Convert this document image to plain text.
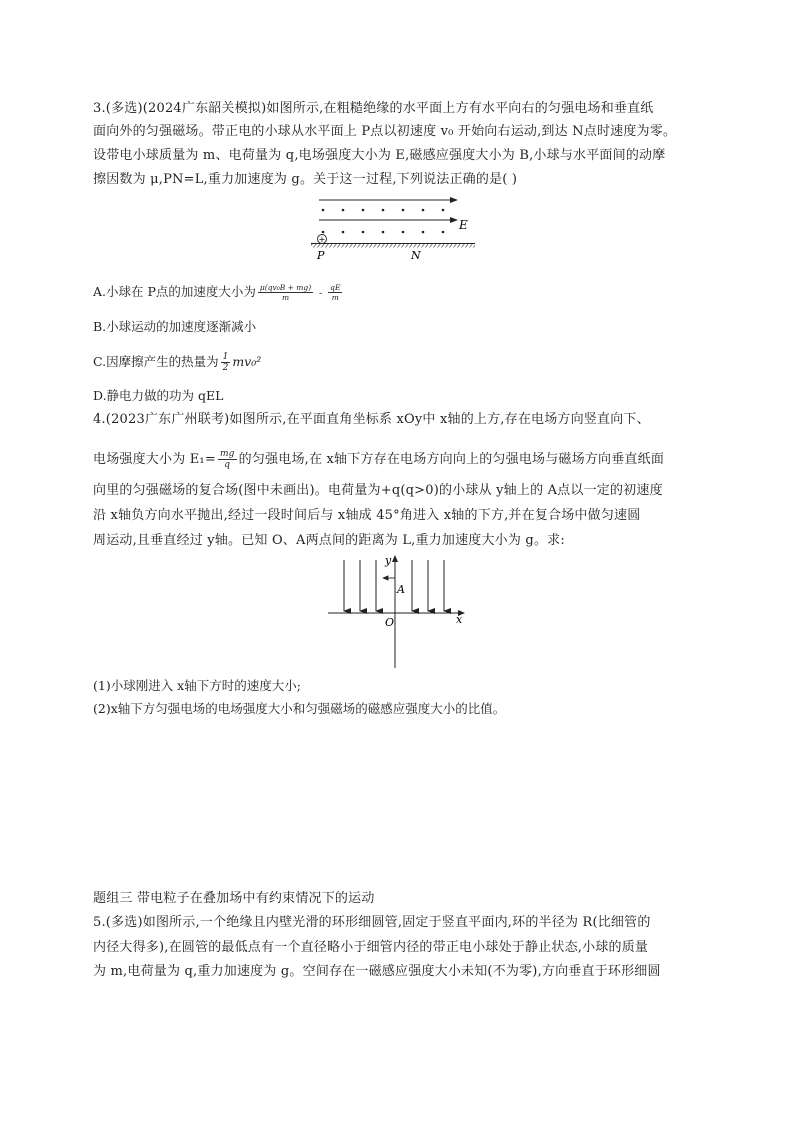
3.(多选)(2024广东韶关模拟)如图所示,在粗糙绝缘的水平面上方有水平向右的匀强电场和垂直纸
面向外的匀强磁场。带正电的小球从水平面上 P点以初速度 v₀ 开始向右运动,到达 N点时速度为零。
设带电小球质量为 m、电荷量为 q,电场强度大小为 E,磁感应强度大小为 B,小球与水平面间的动摩
擦因数为 μ,PN=L,重力加速度为 g。关于这一过程,下列说法正确的是( )
E
+
P	N
A.小球在 P点的加速度大小为 $\frac{\text{μ(qv₀B + mg)}}{m} - \frac{qE}{m}$
B.小球运动的加速度逐渐减小
C.因摩擦产生的热量为 $\frac{1}{2} mv_0^2$
D.静电力做的功为 qEL
4.(2023广东广州联考)如图所示,在平面直角坐标系 xOy中 x轴的上方,存在电场方向竖直向下、
电场强度大小为 $E_1= \frac{mg}{q}$ 的匀强电场,在 x轴下方存在电场方向向上的匀强电场与磁场方向垂直纸面
向里的匀强磁场的复合场(图中未画出)。电荷量为+q(q>0)的小球从 y轴上的 A点以一定的初速度
沿 x轴负方向水平抛出,经过一段时间后与 x轴成 45°角进入 x轴的下方,并在复合场中做匀速圆
周运动,且垂直经过 y轴。已知 O、A两点间的距离为 L,重力加速度大小为 g。求:
y
A
O	x
(1)小球刚进入 x轴下方时的速度大小;
(2)x轴下方匀强电场的电场强度大小和匀强磁场的磁感应强度大小的比值。
题组三 带电粒子在叠加场中有约束情况下的运动
5.(多选)如图所示,一个绝缘且内壁光滑的环形细圆管,固定于竖直平面内,环的半径为 R(比细管的
内径大得多),在圆管的最低点有一个直径略小于细管内径的带正电小球处于静止状态,小球的质量
为 m,电荷量为 q,重力加速度为 g。空间存在一磁感应强度大小未知(不为零),方向垂直于环形细圆
